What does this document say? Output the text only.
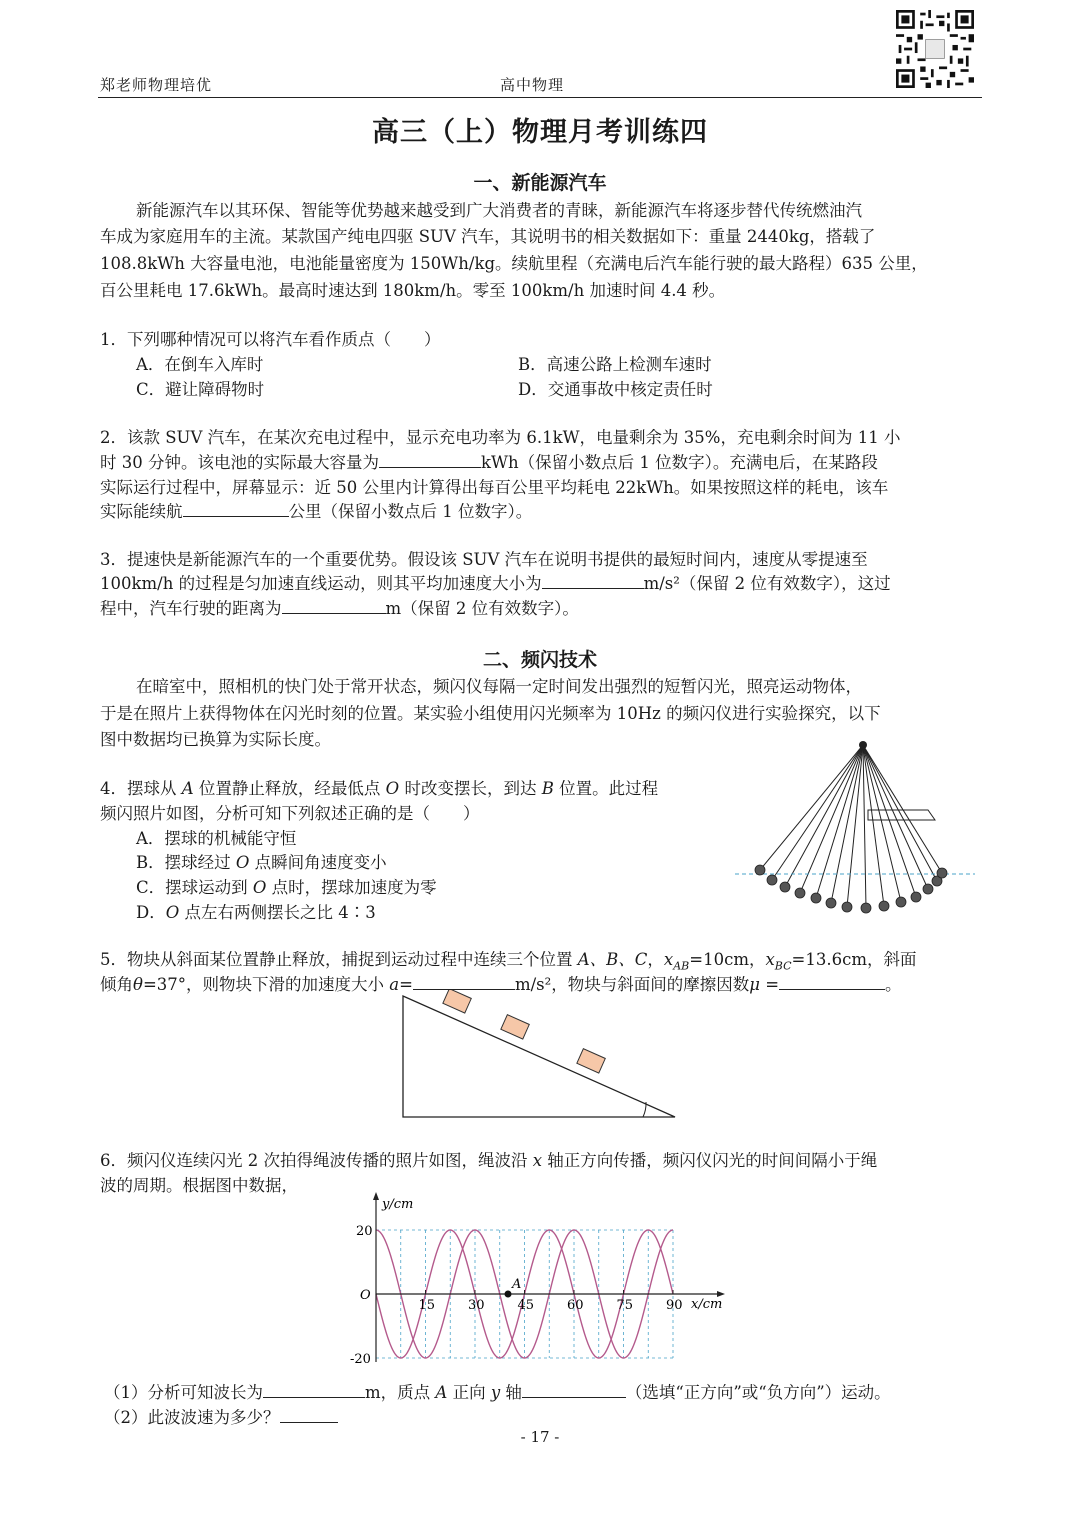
郑老师物理培优	高中物理
高三（上）物理月考训练四
一、新能源汽车
新能源汽车以其环保、智能等优势越来越受到广大消费者的青睐，新能源汽车将逐步替代传统燃油汽
车成为家庭用车的主流。某款国产纯电四驱 SUV 汽车，其说明书的相关数据如下：重量 2440kg，搭载了
108.8kWh 大容量电池，电池能量密度为 150Wh/kg。续航里程（充满电后汽车能行驶的最大路程）635 公里，
百公里耗电 17.6kWh。最高时速达到 180km/h。零至 100km/h 加速时间 4.4 秒。
1．下列哪种情况可以将汽车看作质点（　　）
A．在倒车入库时	B．高速公路上检测车速时
C．避让障碍物时	D．交通事故中核定责任时
2．该款 SUV 汽车，在某次充电过程中，显示充电功率为 6.1kW，电量剩余为 35%，充电剩余时间为 11 小
时 30 分钟。该电池的实际最大容量为	kWh（保留小数点后 1 位数字）。充满电后，在某路段
实际运行过程中，屏幕显示：近 50 公里内计算得出每百公里平均耗电 22kWh。如果按照这样的耗电，该车
实际能续航	公里（保留小数点后 1 位数字）。
3．提速快是新能源汽车的一个重要优势。假设该 SUV 汽车在说明书提供的最短时间内，速度从零提速至
100km/h 的过程是匀加速直线运动，则其平均加速度大小为	m/s²（保留 2 位有效数字），这过
程中，汽车行驶的距离为	m（保留 2 位有效数字）。
二、频闪技术
在暗室中，照相机的快门处于常开状态，频闪仪每隔一定时间发出强烈的短暂闪光，照亮运动物体，
于是在照片上获得物体在闪光时刻的位置。某实验小组使用闪光频率为 10Hz 的频闪仪进行实验探究，以下
图中数据均已换算为实际长度。
4．摆球从 A 位置静止释放，经最低点 O 时改变摆长，到达 B 位置。此过程
频闪照片如图，分析可知下列叙述正确的是（　　）
A．摆球的机械能守恒
B．摆球经过 O 点瞬间角速度变小
C．摆球运动到 O 点时，摆球加速度为零
D．O 点左右两侧摆长之比 4∶3
5．物块从斜面某位置静止释放，捕捉到运动过程中连续三个位置 A、B、C，$x_{AB}=10cm$，$x_{BC}=13.6cm$，斜面
倾角θ=37°，则物块下滑的加速度大小 a=	m/s²，物块与斜面间的摩擦因数μ =	。
6．频闪仪连续闪光 2 次拍得绳波传播的照片如图，绳波沿 x 轴正方向传播，频闪仪闪光的时间间隔小于绳
波的周期。根据图中数据，
15	30	45	60	75	90
20
-20
y/cm
x/cm
O
A
（1）分析可知波长为	m，质点 A 正向 y 轴	（选填“正方向”或“负方向”）运动。
（2）此波波速为多少？
- 17 -
